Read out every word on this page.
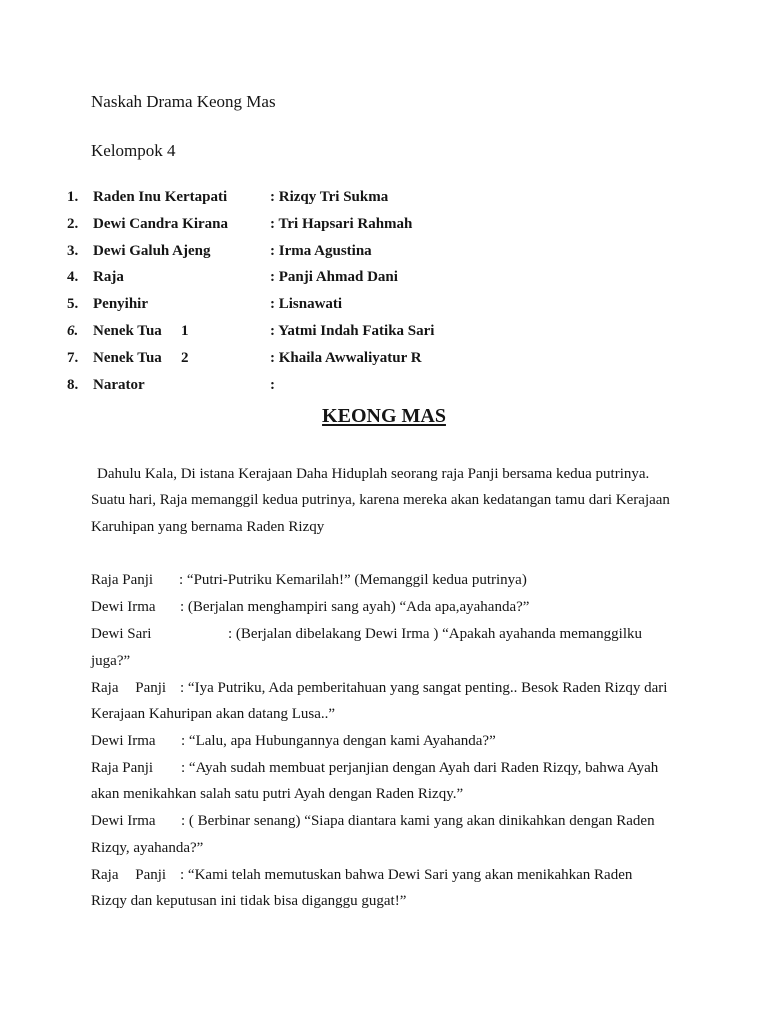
Naskah Drama Keong Mas
Kelompok 4
1. Raden Inu Kertapati	: Rizqy Tri Sukma
2. Dewi Candra Kirana	: Tri Hapsari Rahmah
3. Dewi Galuh Ajeng	: Irma Agustina
4. Raja	: Panji Ahmad Dani
5. Penyihir	: Lisnawati
6. Nenek Tua 1	: Yatmi Indah Fatika Sari
7. Nenek Tua 2	: Khaila Awwaliyatur R
8. Narator	:
KEONG MAS
Dahulu Kala, Di istana Kerajaan Daha Hiduplah seorang raja Panji bersama kedua putrinya.
Suatu hari, Raja memanggil kedua putrinya, karena mereka akan kedatangan tamu dari Kerajaan
Karuhipan yang bernama Raden Rizqy
Raja Panji : “Putri-Putriku Kemarilah!” (Memanggil kedua putrinya)
Dewi Irma : (Berjalan menghampiri sang ayah) “Ada apa,ayahanda?”
Dewi Sari	: (Berjalan dibelakang Dewi Irma ) “Apakah ayahanda memanggilku
juga?”
Raja Panji : “Iya Putriku, Ada pemberitahuan yang sangat penting.. Besok Raden Rizqy dari
Kerajaan Kahuripan akan datang Lusa..”
Dewi Irma : “Lalu, apa Hubungannya dengan kami Ayahanda?”
Raja Panji : “Ayah sudah membuat perjanjian dengan Ayah dari Raden Rizqy, bahwa Ayah
akan menikahkan salah satu putri Ayah dengan Raden Rizqy.”
Dewi Irma : ( Berbinar senang) “Siapa diantara kami yang akan dinikahkan dengan Raden
Rizqy, ayahanda?”
Raja Panji : “Kami telah memutuskan bahwa Dewi Sari yang akan menikahkan Raden
Rizqy dan keputusan ini tidak bisa diganggu gugat!”
